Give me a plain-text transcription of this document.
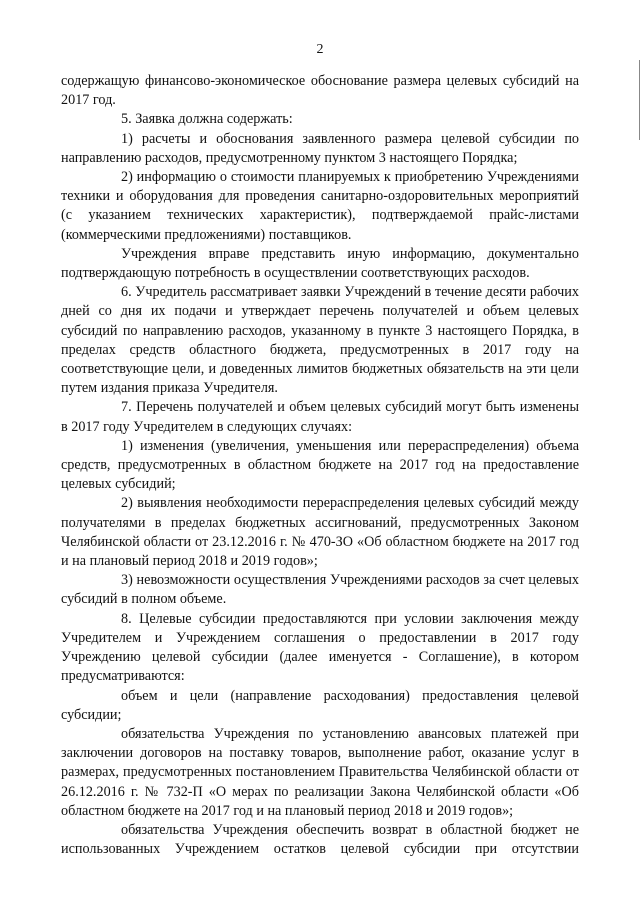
2

содержащую финансово-экономическое обоснование размера целевых субсидий на 2017 год.

5. Заявка должна содержать:

1) расчеты и обоснования заявленного размера целевой субсидии по направлению расходов, предусмотренному пунктом 3 настоящего Порядка;

2) информацию о стоимости планируемых к приобретению Учреждениями техники и оборудования для проведения санитарно-оздоровительных мероприятий (с указанием технических характеристик), подтверждаемой прайс-листами (коммерческими предложениями) поставщиков.

Учреждения вправе представить иную информацию, документально подтверждающую потребность в осуществлении соответствующих расходов.

6. Учредитель рассматривает заявки Учреждений в течение десяти рабочих дней со дня их подачи и утверждает перечень получателей и объем целевых субсидий по направлению расходов, указанному в пункте 3 настоящего Порядка, в пределах средств областного бюджета, предусмотренных в 2017 году на соответствующие цели, и доведенных лимитов бюджетных обязательств на эти цели путем издания приказа Учредителя.

7. Перечень получателей и объем целевых субсидий могут быть изменены в 2017 году Учредителем в следующих случаях:

1) изменения (увеличения, уменьшения или перераспределения) объема средств, предусмотренных в областном бюджете на 2017 год на предоставление целевых субсидий;

2) выявления необходимости перераспределения целевых субсидий между получателями в пределах бюджетных ассигнований, предусмотренных Законом Челябинской области от 23.12.2016 г. № 470-ЗО «Об областном бюджете на 2017 год и на плановый период 2018 и 2019 годов»;

3) невозможности осуществления Учреждениями расходов за счет целевых субсидий в полном объеме.

8. Целевые субсидии предоставляются при условии заключения между Учредителем и Учреждением соглашения о предоставлении в 2017 году Учреждению целевой субсидии (далее именуется - Соглашение), в котором предусматриваются:

объем и цели (направление расходования) предоставления целевой субсидии;

обязательства Учреждения по установлению авансовых платежей при заключении договоров на поставку товаров, выполнение работ, оказание услуг в размерах, предусмотренных постановлением Правительства Челябинской области от 26.12.2016 г. № 732-П «О мерах по реализации Закона Челябинской области «Об областном бюджете на 2017 год и на плановый период 2018 и 2019 годов»;

обязательства Учреждения обеспечить возврат в областной бюджет не использованных Учреждением остатков целевой субсидии при отсутствии
